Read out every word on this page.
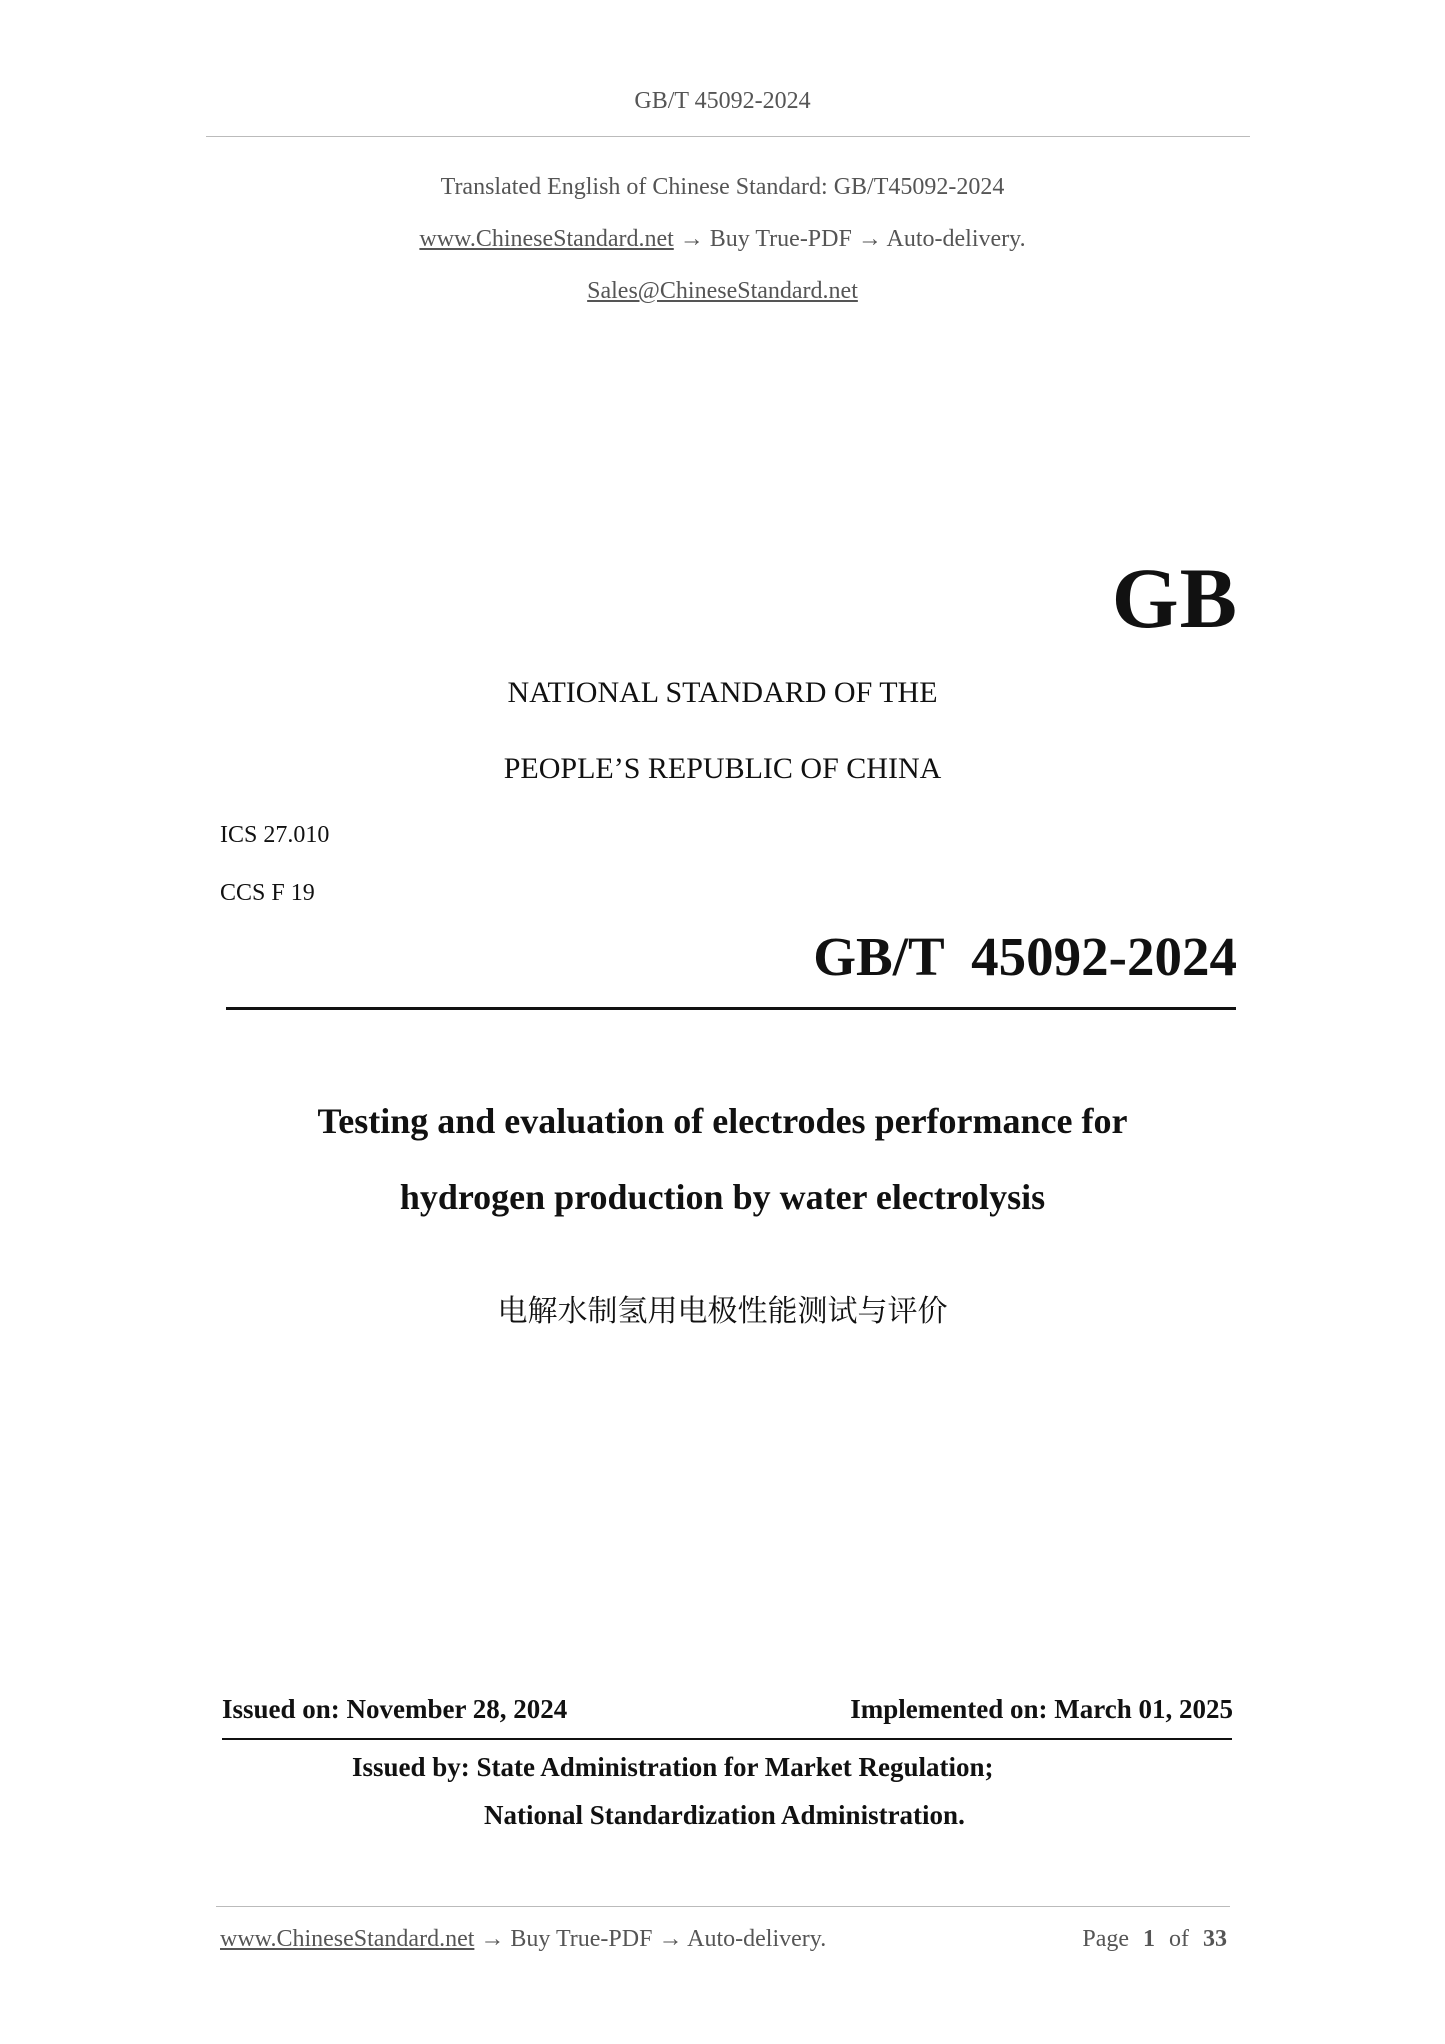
GB/T 45092-2024
Translated English of Chinese Standard: GB/T45092-2024
www.ChineseStandard.net → Buy True-PDF → Auto-delivery.
Sales@ChineseStandard.net
GB
NATIONAL STANDARD OF THE
PEOPLE’S REPUBLIC OF CHINA
ICS 27.010
CCS F 19
GB/T  45092-2024
Testing and evaluation of electrodes performance for
hydrogen production by water electrolysis
电解水制氢用电极性能测试与评价
Issued on: November 28, 2024	Implemented on: March 01, 2025
Issued by: State Administration for Market Regulation;
National Standardization Administration.
www.ChineseStandard.net → Buy True-PDF → Auto-delivery.	Page 1 of 33
